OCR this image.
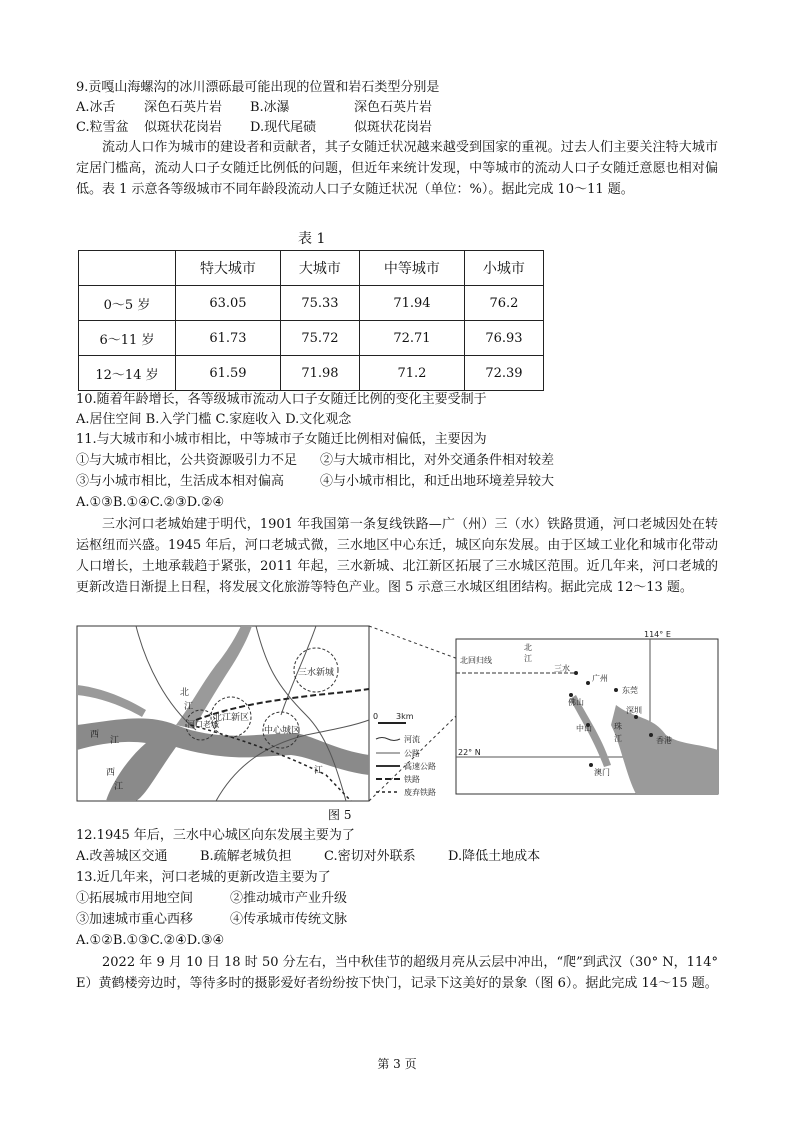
9.贡嘎山海螺沟的冰川漂砾最可能出现的位置和岩石类型分别是
A.冰舌 深色石英片岩 B.冰瀑	深色石英片岩
C.粒雪盆 似斑状花岗岩 D.现代尾碛	似斑状花岗岩
流动人口作为城市的建设者和贡献者，其子女随迁状况越来越受到国家的重视。过去人们主要关注特大城市定居门槛高，流动人口子女随迁比例低的问题，但近年来统计发现，中等城市的流动人口子女随迁意愿也相对偏低。表 1 示意各等级城市不同年龄段流动人口子女随迁状况（单位：%）。据此完成 10～11 题。
表 1
	特大城市	大城市	中等城市	小城市
0～5 岁	63.05	75.33	71.94	76.2
6～11 岁	61.73	75.72	72.71	76.93
12～14 岁	61.59	71.98	71.2	72.39
10.随着年龄增长，各等级城市流动人口子女随迁比例的变化主要受制于
A.居住空间 B.入学门槛 C.家庭收入 D.文化观念
11.与大城市和小城市相比，中等城市子女随迁比例相对偏低，主要因为
①与大城市相比，公共资源吸引力不足 ②与大城市相比，对外交通条件相对较差
③与小城市相比，生活成本相对偏高	④与小城市相比，和迁出地环境差异较大
A.①③B.①④C.②③D.②④
三水河口老城始建于明代，1901 年我国第一条复线铁路—广（州）三（水）铁路贯通，河口老城因处在转运枢纽而兴盛。1945 年后，河口老城式微，三水地区中心东迁，城区向东发展。由于区域工业化和城市化带动人口增长，土地承载趋于紧张，2011 年起，三水新城、北江新区拓展了三水城区范围。近几年来，河口老城的更新改造日渐提上日程，将发展文化旅游等特色产业。图 5 示意三水城区组团结构。据此完成 12～13 题。
三水新城
北江新区
河口老城
中心城区
西
江
西
江
北
江
江
0 3km
河流
公路
高速公路
铁路
废弃铁路
114° E
22° N
北回归线
北
江
三水
广州
佛山
东莞
深圳
中山
香港
澳门
珠
江
图 5
12.1945 年后，三水中心城区向东发展主要为了
A.改善城区交通 B.疏解老城负担 C.密切对外联系 D.降低土地成本
13.近几年来，河口老城的更新改造主要为了
①拓展城市用地空间	②推动城市产业升级
③加速城市重心西移	④传承城市传统文脉
A.①②B.①③C.②④D.③④
2022 年 9 月 10 日 18 时 50 分左右，当中秋佳节的超级月亮从云层中冲出，“爬”到武汉（30° N，114° E）黄鹤楼旁边时，等待多时的摄影爱好者纷纷按下快门，记录下这美好的景象（图 6）。据此完成 14～15 题。
第 3 页
